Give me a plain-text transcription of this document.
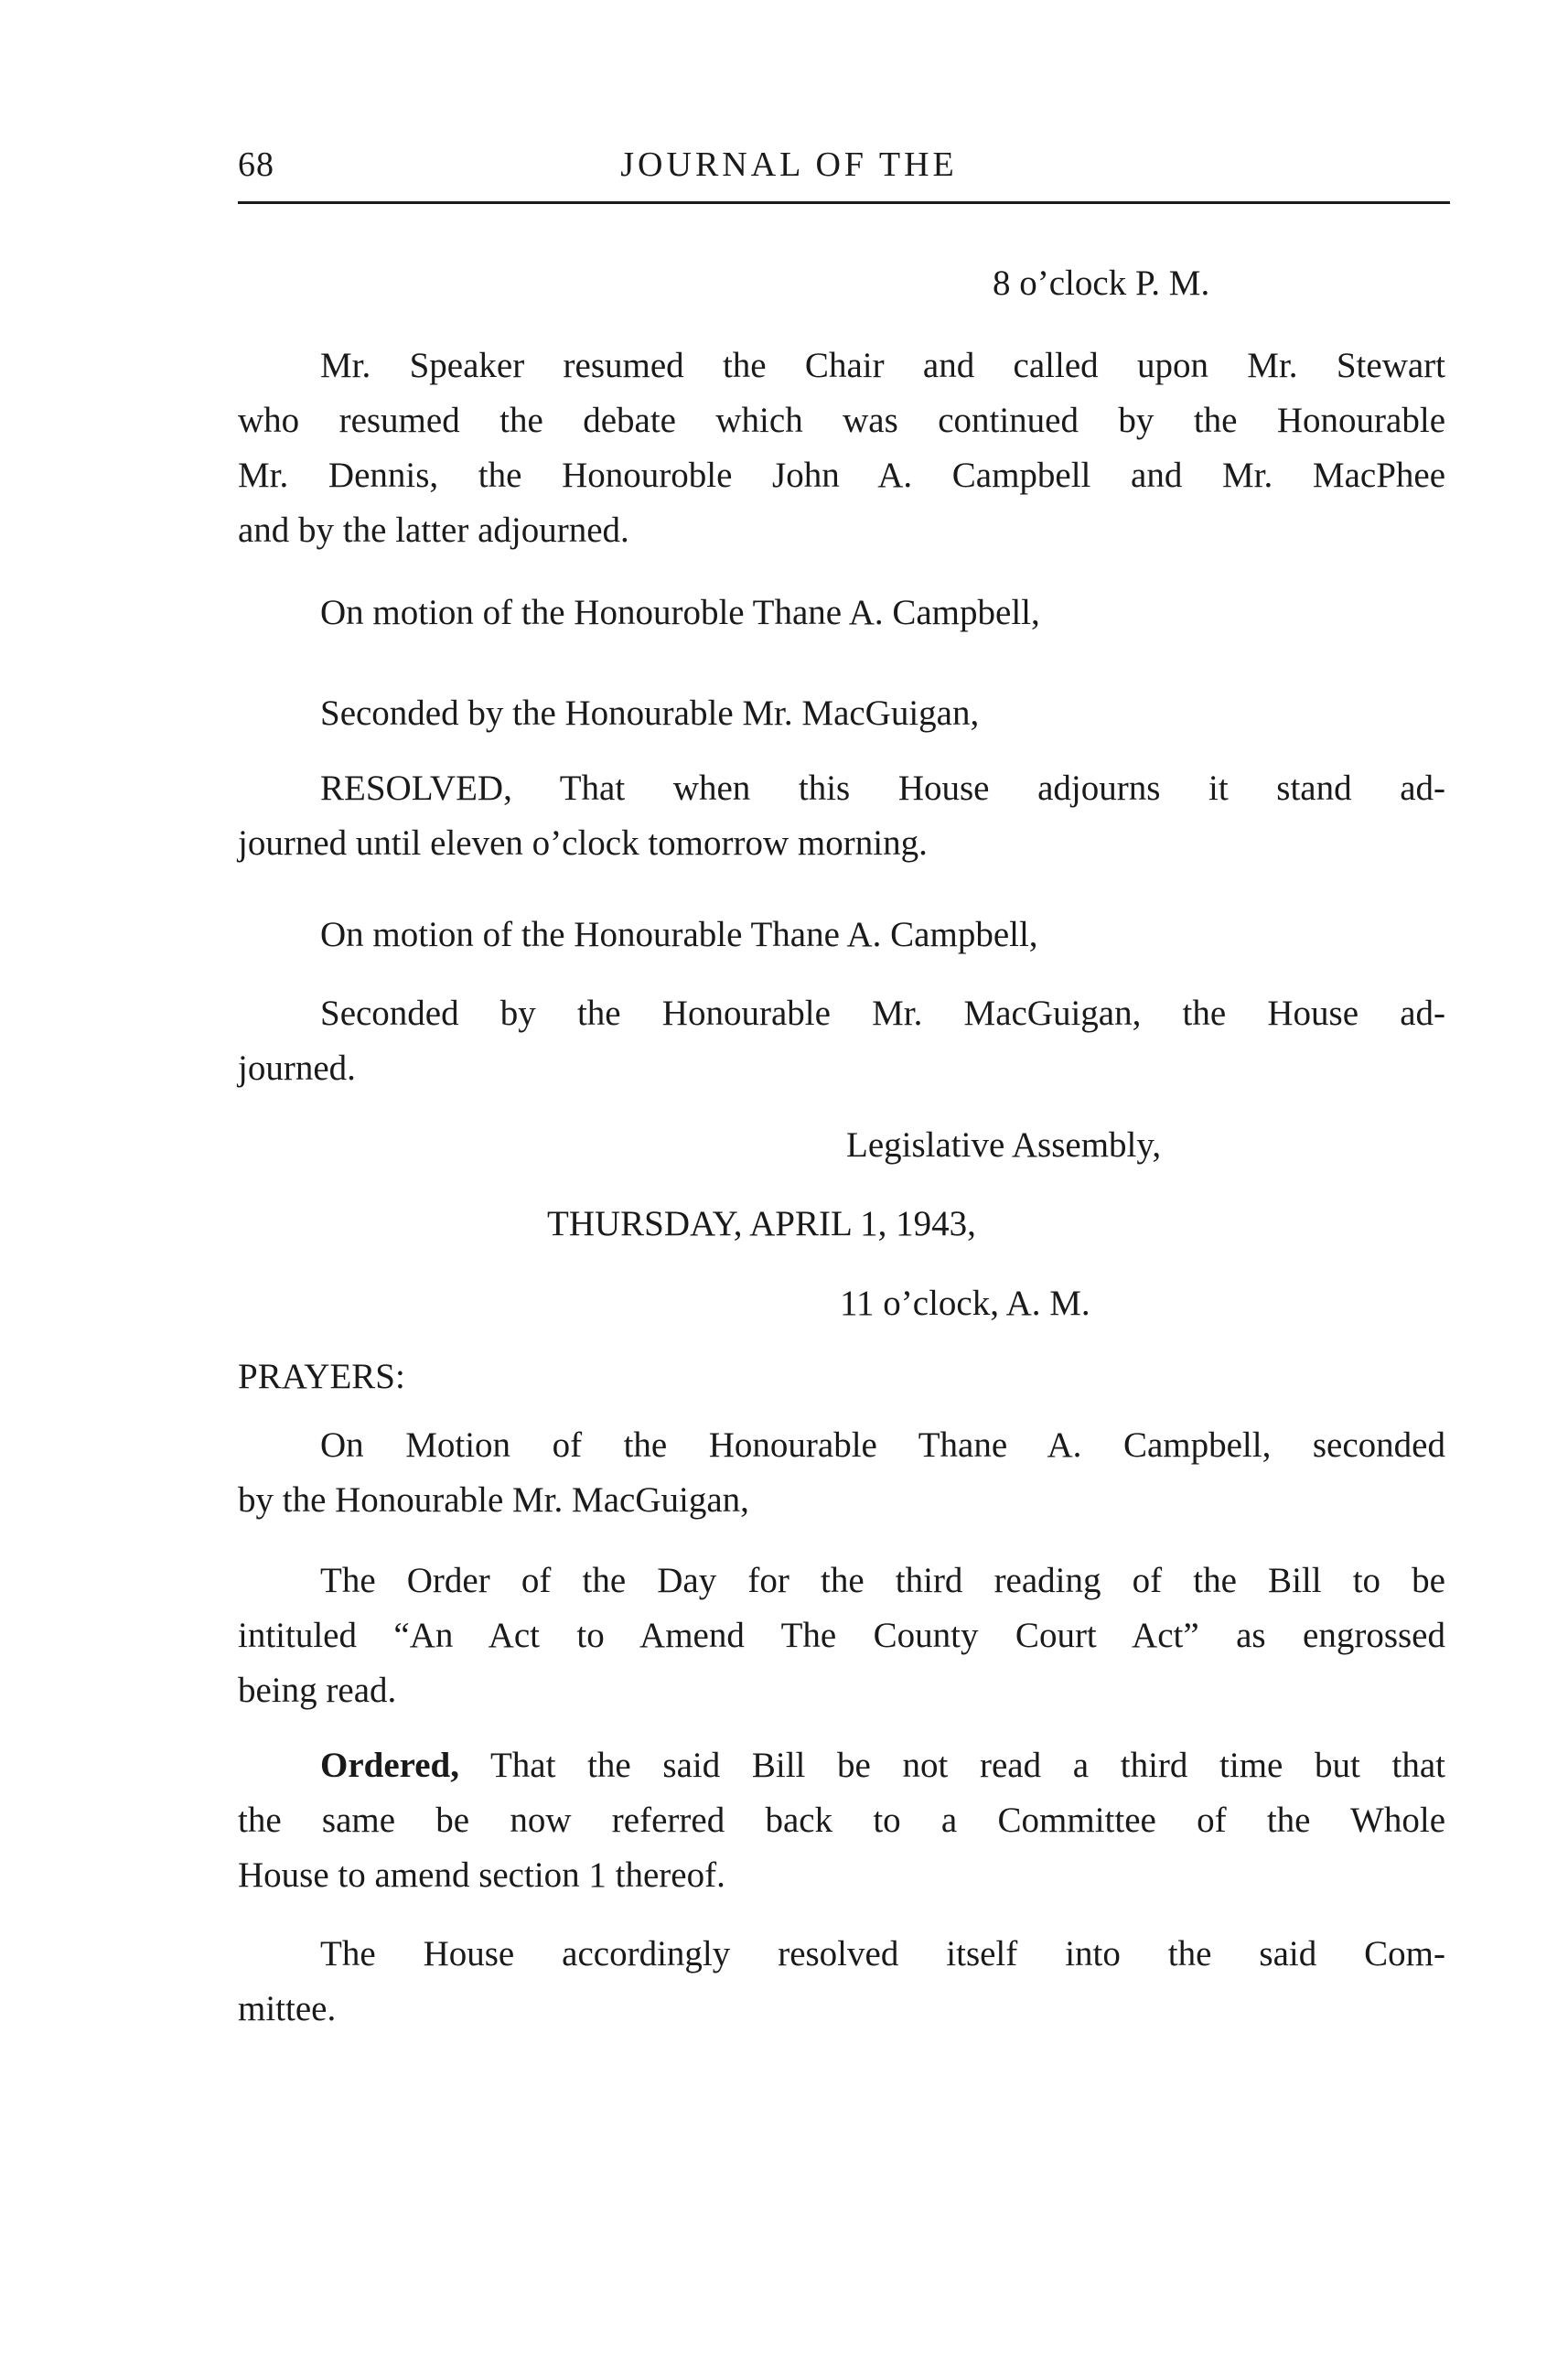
68	JOURNAL OF THE
8 o’clock P. M.
Mr. Speaker resumed the Chair and called upon Mr. Stewart
who resumed the debate which was continued by the Honourable
Mr. Dennis, the Honouroble John A. Campbell and Mr. MacPhee
and by the latter adjourned.
On motion of the Honouroble Thane A. Campbell,
Seconded by the Honourable Mr. MacGuigan,
RESOLVED, That when this House adjourns it stand ad-
journed until eleven o’clock tomorrow morning.
On motion of the Honourable Thane A. Campbell,
Seconded by the Honourable Mr. MacGuigan, the House ad-
journed.
Legislative Assembly,
THURSDAY, APRIL 1, 1943,
11 o’clock, A. M.
PRAYERS:
On Motion of the Honourable Thane A. Campbell, seconded
by the Honourable Mr. MacGuigan,
The Order of the Day for the third reading of the Bill to be
intituled “An Act to Amend The County Court Act” as engrossed
being read.
Ordered, That the said Bill be not read a third time but that
the same be now referred back to a Committee of the Whole
House to amend section 1 thereof.
The House accordingly resolved itself into the said Com-
mittee.
